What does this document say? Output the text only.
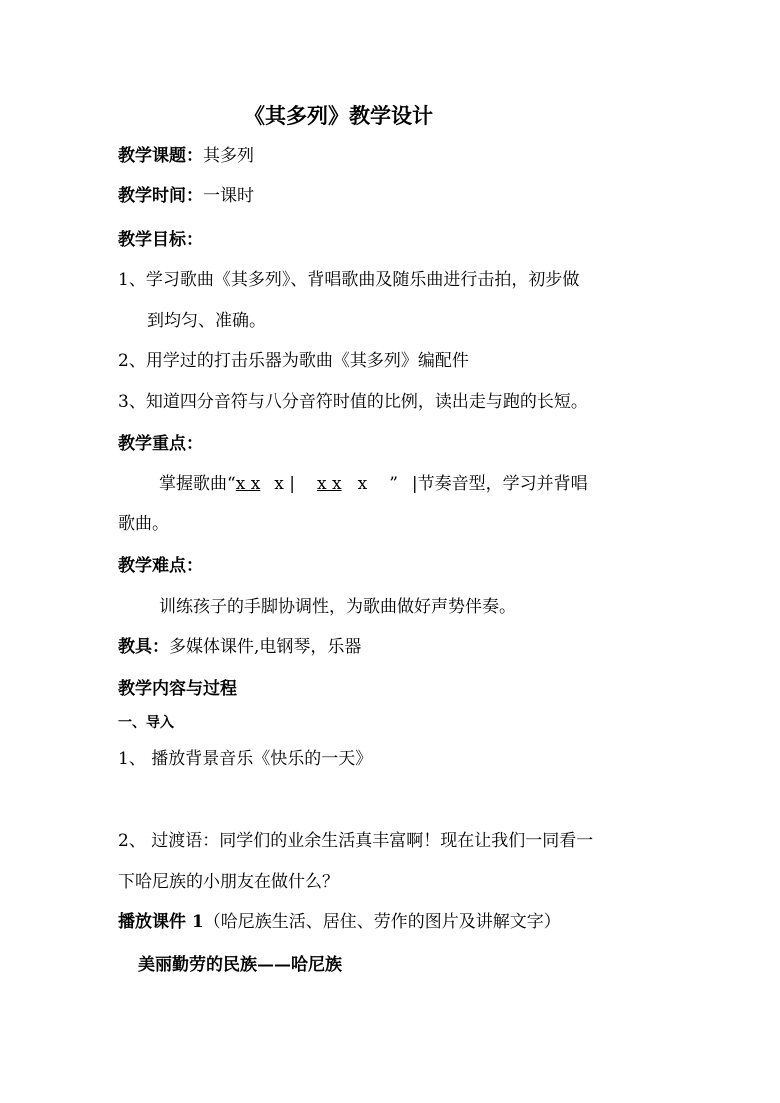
《其多列》教学设计
教学课题：其多列
教学时间：一课时
教学目标：
1、学习歌曲《其多列》、背唱歌曲及随乐曲进行击拍，初步做
到均匀、准确。
2、用学过的打击乐器为歌曲《其多列》编配件
3、知道四分音符与八分音符时值的比例，读出走与跑的长短。
教学重点：
掌握歌曲“x x x | x x x ” |节奏音型，学习并背唱
歌曲。
教学难点：
训练孩子的手脚协调性，为歌曲做好声势伴奏。
教具：多媒体课件,电钢琴，乐器
教学内容与过程
一、导入
1、 播放背景音乐《快乐的一天》
2、 过渡语：同学们的业余生活真丰富啊！现在让我们一同看一
下哈尼族的小朋友在做什么？
播放课件 1（哈尼族生活、居住、劳作的图片及讲解文字）
美丽勤劳的民族——哈尼族
